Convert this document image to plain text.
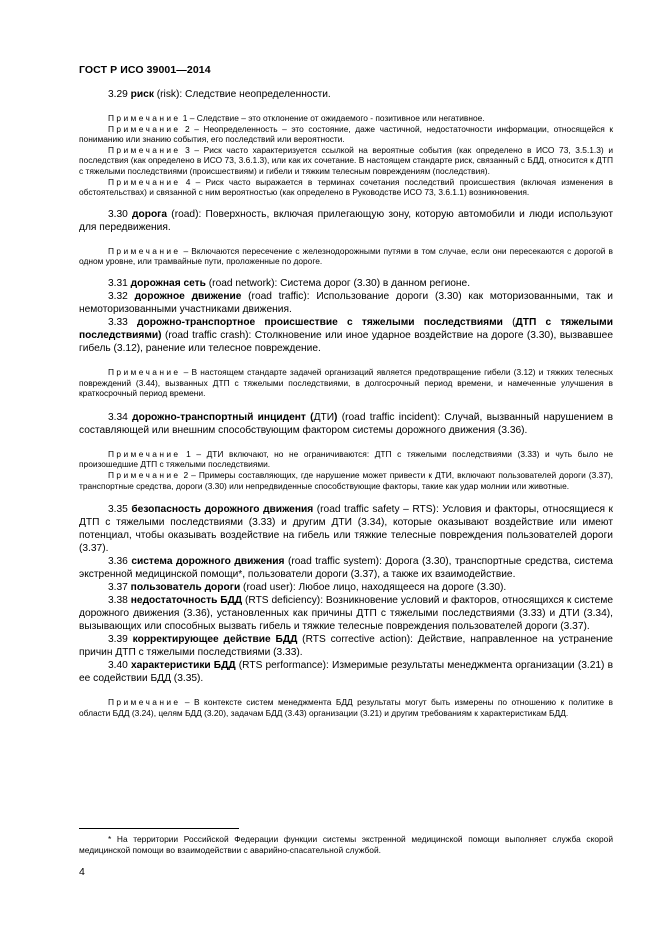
ГОСТ Р ИСО 39001—2014

3.29 риск (risk): Следствие неопределенности.

Примечание 1 – Следствие – это отклонение от ожидаемого - позитивное или негативное.

Примечание 2 – Неопределенность – это состояние, даже частичной, недостаточности информации, относящейся к пониманию или знанию события, его последствий или вероятности.

Примечание 3 – Риск часто характеризуется ссылкой на вероятные события (как определено в ИСО 73, 3.5.1.3) и последствия (как определено в ИСО 73, 3.6.1.3), или как их сочетание. В настоящем стандарте риск, связанный с БДД, относится к ДТП с тяжелыми последствиями (происшествиям) и гибели и тяжким телесным повреждениям (последствия).

Примечание 4 – Риск часто выражается в терминах сочетания последствий происшествия (включая изменения в обстоятельствах) и связанной с ним вероятностью (как определено в Руководстве ИСО 73, 3.6.1.1) возникновения.

3.30 дорога (road): Поверхность, включая прилегающую зону, которую автомобили и люди используют для передвижения.

Примечание – Включаются пересечение с железнодорожными путями в том случае, если они пересекаются с дорогой в одном уровне, или трамвайные пути, проложенные по дороге.

3.31 дорожная сеть (road network): Система дорог (3.30) в данном регионе.

3.32 дорожное движение (road traffic): Использование дороги (3.30) как моторизованными, так и немоторизованными участниками движения.

3.33 дорожно-транспортное происшествие с тяжелыми последствиями (ДТП с тяжелыми последствиями) (road traffic crash): Столкновение или иное ударное воздействие на дороге (3.30), вызвавшее гибель (3.12), ранение или телесное повреждение.

Примечание – В настоящем стандарте задачей организаций является предотвращение гибели (3.12) и тяжких телесных повреждений (3.44), вызванных ДТП с тяжелыми последствиями, в долгосрочный период времени, и намеченные улучшения в краткосрочный период времени.

3.34 дорожно-транспортный инцидент (ДТИ) (road traffic incident): Случай, вызванный нарушением в составляющей или внешним способствующим фактором системы дорожного движения (3.36).

Примечание 1 – ДТИ включают, но не ограничиваются: ДТП с тяжелыми последствиями (3.33) и чуть было не произошедшие ДТП с тяжелыми последствиями.

Примечание 2 – Примеры составляющих, где нарушение может привести к ДТИ, включают пользователей дороги (3.37), транспортные средства, дороги (3.30) или непредвиденные способствующие факторы, такие как удар молнии или животные.

3.35 безопасность дорожного движения (road traffic safety – RTS): Условия и факторы, относящиеся к ДТП с тяжелыми последствиями (3.33) и другим ДТИ (3.34), которые оказывают воздействие или имеют потенциал, чтобы оказывать воздействие на гибель или тяжкие телесные повреждения пользователей дороги (3.37).

3.36 система дорожного движения (road traffic system): Дорога (3.30), транспортные средства, система экстренной медицинской помощи*, пользователи дороги (3.37), а также их взаимодействие.

3.37 пользователь дороги (road user): Любое лицо, находящееся на дороге (3.30).

3.38 недостаточность БДД (RTS deficiency): Возникновение условий и факторов, относящихся к системе дорожного движения (3.36), установленных как причины ДТП с тяжелыми последствиями (3.33) и ДТИ (3.34), вызывающих или способных вызвать гибель и тяжкие телесные повреждения пользователей дороги (3.37).

3.39 корректирующее действие БДД (RTS corrective action): Действие, направленное на устранение причин ДТП с тяжелыми последствиями (3.33).

3.40 характеристики БДД (RTS performance): Измеримые результаты менеджмента организации (3.21) в ее содействии БДД (3.35).

Примечание – В контексте систем менеджмента БДД результаты могут быть измерены по отношению к политике в области БДД (3.24), целям БДД (3.20), задачам БДД (3.43) организации (3.21) и другим требованиям к характеристикам БДД.

* На территории Российской Федерации функции системы экстренной медицинской помощи выполняет служба скорой медицинской помощи во взаимодействии с аварийно-спасательной службой.

4
